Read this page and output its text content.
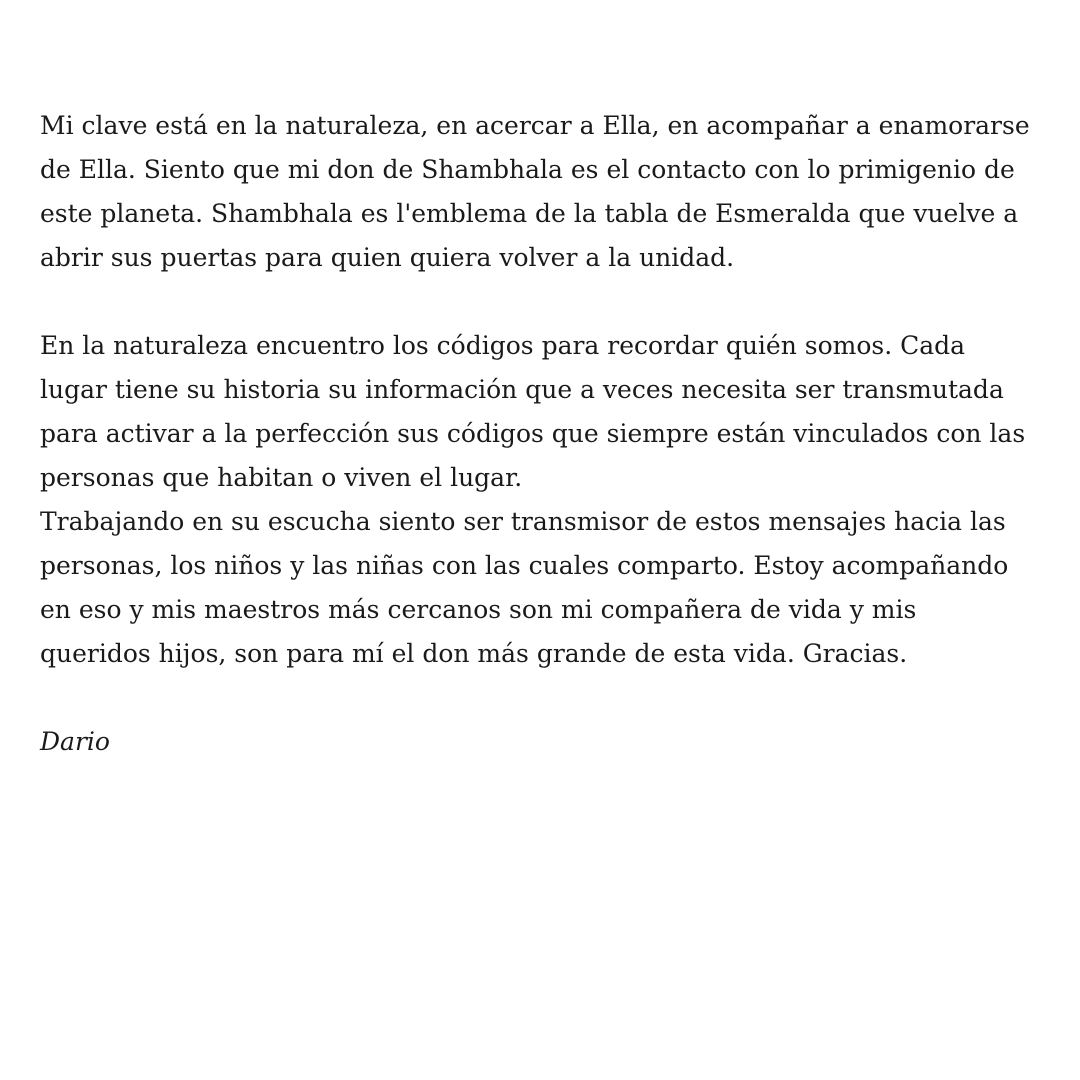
Mi clave está en la naturaleza, en acercar a Ella, en acompañar a enamorarse
de Ella. Siento que mi don de Shambhala es el contacto con lo primigenio de
este planeta. Shambhala es l'emblema de la tabla de Esmeralda que vuelve a
abrir sus puertas para quien quiera volver a la unidad.

En la naturaleza encuentro los códigos para recordar quién somos. Cada
lugar tiene su historia su información que a veces necesita ser transmutada
para activar a la perfección sus códigos que siempre están vinculados con las
personas que habitan o viven el lugar.

Trabajando en su escucha siento ser transmisor de estos mensajes hacia las
personas, los niños y las niñas con las cuales comparto. Estoy acompañando
en eso y mis maestros más cercanos son mi compañera de vida y mis
queridos hijos, son para mí el don más grande de esta vida. Gracias.

Dario
